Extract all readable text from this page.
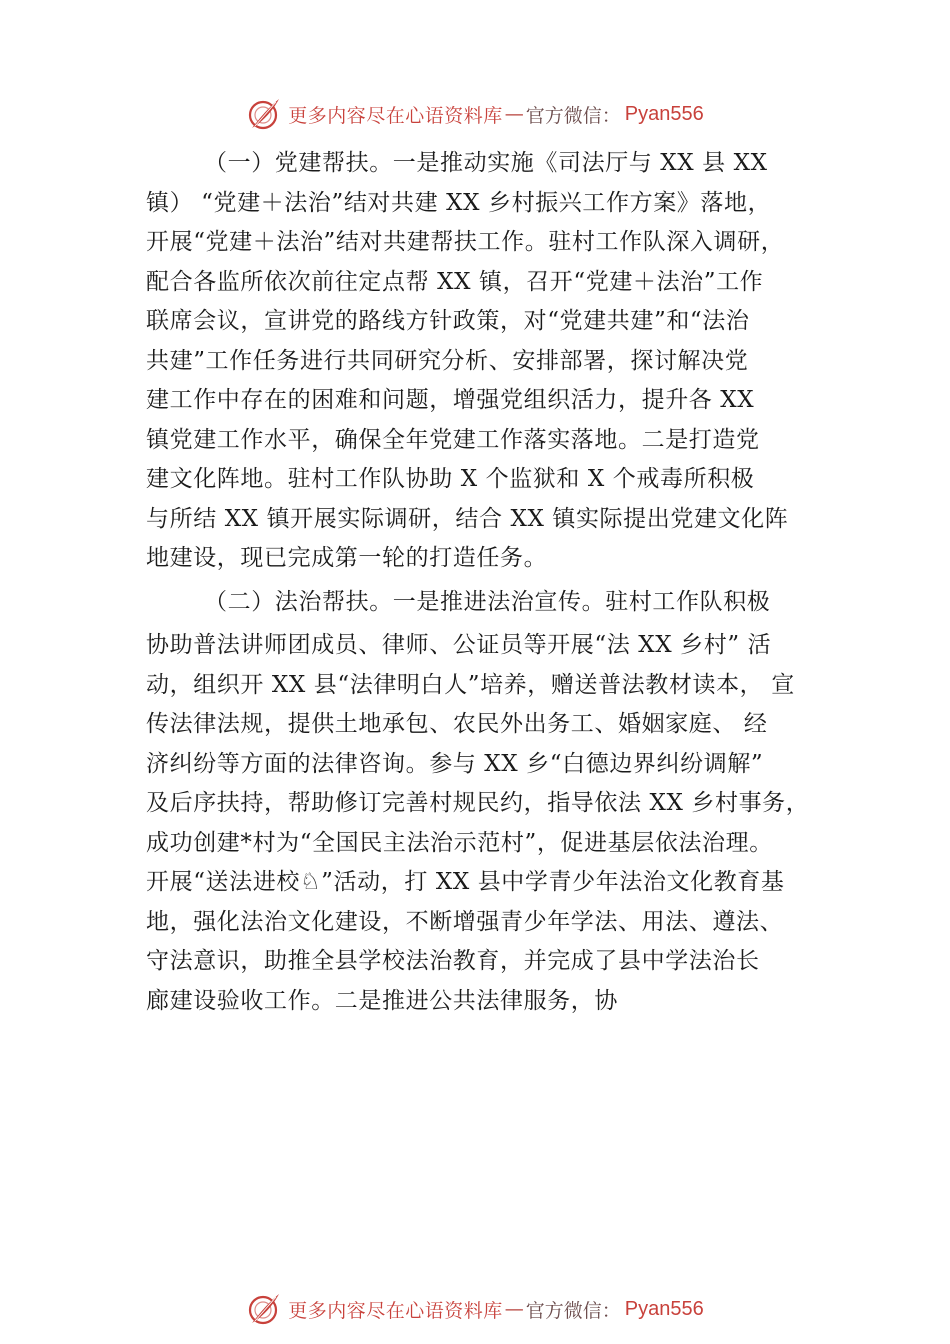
更多内容尽在心语资料库 — 官方微信： Pyan556
（一）党建帮扶。一是推动实施《司法厅与 XX 县 XX
镇） “党建＋法治”结对共建 XX 乡村振兴工作方案》落地，
开展“党建＋法治”结对共建帮扶工作。驻村工作队深入调研，
配合各监所依次前往定点帮 XX 镇，召开“党建＋法治”工作
联席会议，宣讲党的路线方针政策，对“党建共建”和“法治
共建”工作任务进行共同研究分析、安排部署，探讨解决党
建工作中存在的困难和问题，增强党组织活力，提升各 XX
镇党建工作水平，确保全年党建工作落实落地。二是打造党
建文化阵地。驻村工作队协助 X 个监狱和 X 个戒毒所积极
与所结 XX 镇开展实际调研，结合 XX 镇实际提出党建文化阵
地建设，现已完成第一轮的打造任务。
（二）法治帮扶。一是推进法治宣传。驻村工作队积极
协助普法讲师团成员、律师、公证员等开展“法 XX 乡村” 活
动，组织开 XX 县“法律明白人”培养，赠送普法教材读本， 宣
传法律法规，提供土地承包、农民外出务工、婚姻家庭、 经
济纠纷等方面的法律咨询。参与 XX 乡“白德边界纠纷调解”
及后序扶持，帮助修订完善村规民约，指导依法 XX 乡村事务，
成功创建*村为“全国民主法治示范村”，促进基层依法治理。
开展“送法进校♘”活动，打 XX 县中学青少年法治文化教育基
地，强化法治文化建设，不断增强青少年学法、用法、遵法、
守法意识，助推全县学校法治教育，并完成了县中学法治长
廊建设验收工作。二是推进公共法律服务，协
更多内容尽在心语资料库 — 官方微信： Pyan556
